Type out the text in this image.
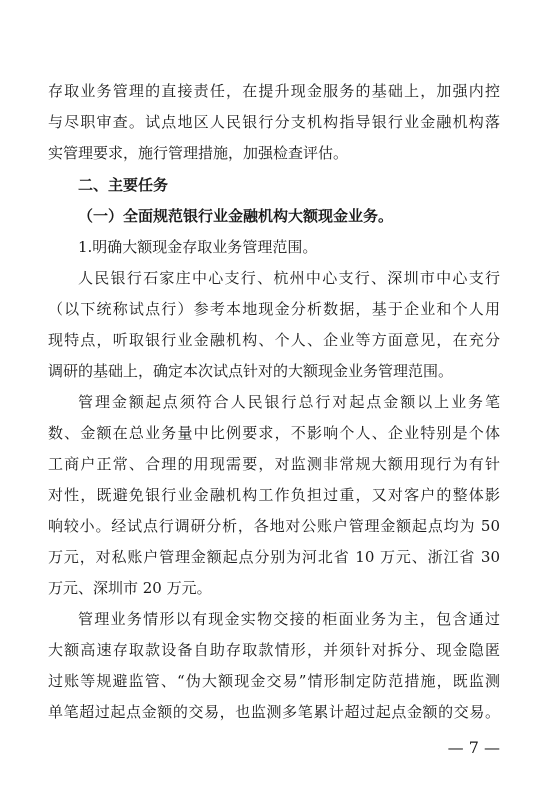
存取业务管理的直接责任，在提升现金服务的基础上，加强内控
与尽职审查。试点地区人民银行分支机构指导银行业金融机构落
实管理要求，施行管理措施，加强检查评估。
二、主要任务
（一）全面规范银行业金融机构大额现金业务。
1.明确大额现金存取业务管理范围。
人民银行石家庄中心支行、杭州中心支行、深圳市中心支行
（以下统称试点行）参考本地现金分析数据，基于企业和个人用
现特点，听取银行业金融机构、个人、企业等方面意见，在充分
调研的基础上，确定本次试点针对的大额现金业务管理范围。
管理金额起点须符合人民银行总行对起点金额以上业务笔
数、金额在总业务量中比例要求，不影响个人、企业特别是个体
工商户正常、合理的用现需要，对监测非常规大额用现行为有针
对性，既避免银行业金融机构工作负担过重，又对客户的整体影
响较小。经试点行调研分析，各地对公账户管理金额起点均为 50
万元，对私账户管理金额起点分别为河北省 10 万元、浙江省 30
万元、深圳市 20 万元。
管理业务情形以有现金实物交接的柜面业务为主，包含通过
大额高速存取款设备自助存取款情形，并须针对拆分、现金隐匿
过账等规避监管、“伪大额现金交易”情形制定防范措施，既监测
单笔超过起点金额的交易，也监测多笔累计超过起点金额的交易。
— 7 —
